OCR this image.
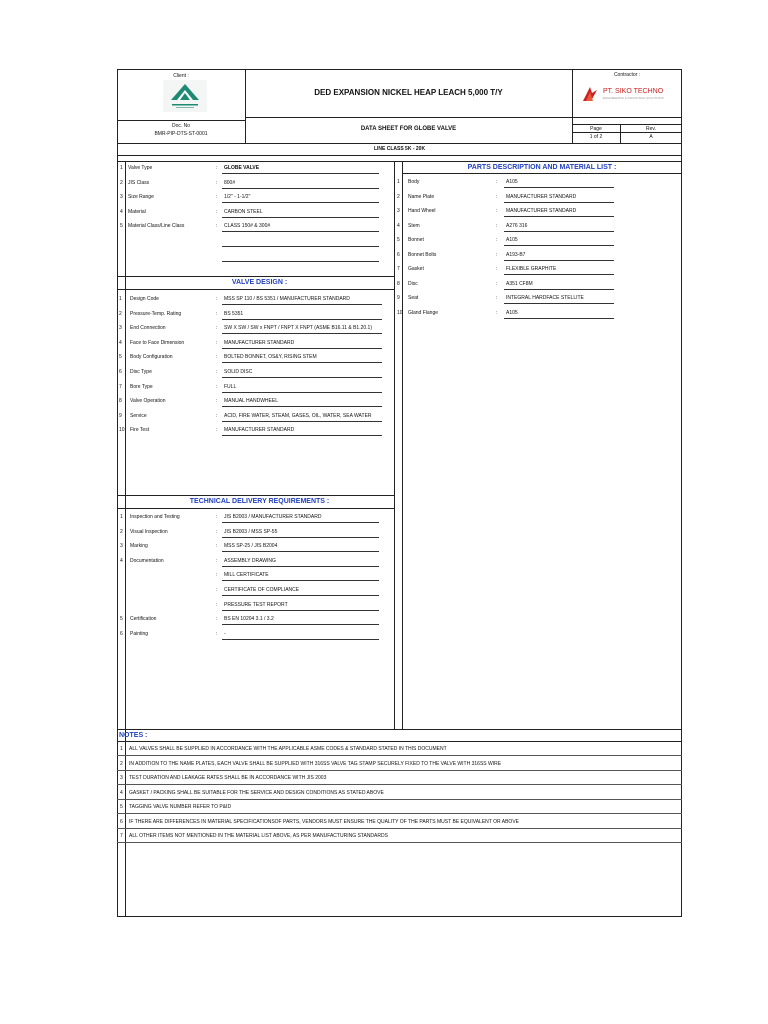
Client :
DED EXPANSION NICKEL HEAP LEACH 5,000 T/Y
Doc. No
BMR-PIP-DTS-ST-0001
DATA SHEET FOR GLOBE VALVE
Contractor :
PT. SIKO TECHNO
ENGINEERING & INDUSTRIAL SOLUTIONS
Page	Rev.
1 of 2	A
LINE CLASS 5K - 20K
VALVE DESIGN :
TECHNICAL DELIVERY REQUIREMENTS :
PARTS DESCRIPTION AND MATERIAL LIST :
NOTES :
1 Valve Type	: GLOBE VALVE
2 JIS Class	: 800#
3 Size Range	: 1/2" - 1-1/2"
4 Material	: CARBON STEEL
5 Material Class/Line Class	: CLASS 150# & 300#
1 Design Code	: MSS SP 110 / BS 5351 / MANUFACTURER STANDARD
2 Pressure-Temp. Rating	: BS 5351
3 End Connection	: SW X SW / SW x FNPT / FNPT X FNPT (ASME B16.11 & B1.20.1)
4 Face to Face Dimension	: MANUFACTURER STANDARD
5 Body Configuration	: BOLTED BONNET, OS&Y, RISING STEM
6 Disc Type	: SOLID DISC
7 Bore Type	: FULL
8 Valve Operation	: MANUAL HANDWHEEL
9 Service	: ACID, FIRE WATER, STEAM, GASES, OIL, WATER, SEA WATER
10 Fire Test	: MANUFACTURER STANDARD
1 Inspection and Testing	: JIS B2003 / MANUFACTURER STANDARD
2 Visual Inspection	: JIS B2003 / MSS SP-55
3 Marking	: MSS SP-25 / JIS B2004
4 Documentation	: ASSEMBLY DRAWING
: MILL CERTIFICATE
: CERTIFICATE OF COMPLIANCE
: PRESSURE TEST REPORT
5 Certification	: BS EN 10204 3.1 / 3.2
6 Painting	: -
1 Body	: A105
2 Name Plate	: MANUFACTURER STANDARD
3 Hand Wheel	: MANUFACTURER STANDARD
4 Stem	: A276 316
5 Bonnet	: A105
6 Bonnet Bolts	: A193-B7
7 Gasket	: FLEXIBLE GRAPHITE
8 Disc	: A351 CF8M
9 Seat	: INTEGRAL HARDFACE STELLITE
10 Gland Flange	: A105
1 ALL VALVES SHALL BE SUPPLIED IN ACCORDANCE WITH THE APPLICABLE ASME CODES & STANDARD STATED IN THIS DOCUMENT
2 IN ADDITION TO THE NAME PLATES, EACH VALVE SHALL BE SUPPLIED WITH 316SS VALVE TAG STAMP SECURELY FIXED TO THE VALVE WITH 316SS WIRE
3 TEST DURATION AND LEAKAGE RATES SHALL BE IN ACCORDANCE WITH JIS 2003
4 GASKET / PACKING SHALL BE SUITABLE FOR THE SERVICE AND DESIGN CONDITIONS AS STATED ABOVE
5 TAGGING VALVE NUMBER REFER TO P&ID
6 IF THERE ARE DIFFERENCES IN MATERIAL SPECIFICATIONSOF PARTS, VENDORS MUST ENSURE THE QUALITY OF THE PARTS MUST BE EQUIVALENT OR ABOVE
7 ALL OTHER ITEMS NOT MENTIONED IN THE MATERIAL LIST ABOVE, AS PER MANUFACTURING STANDARDS
